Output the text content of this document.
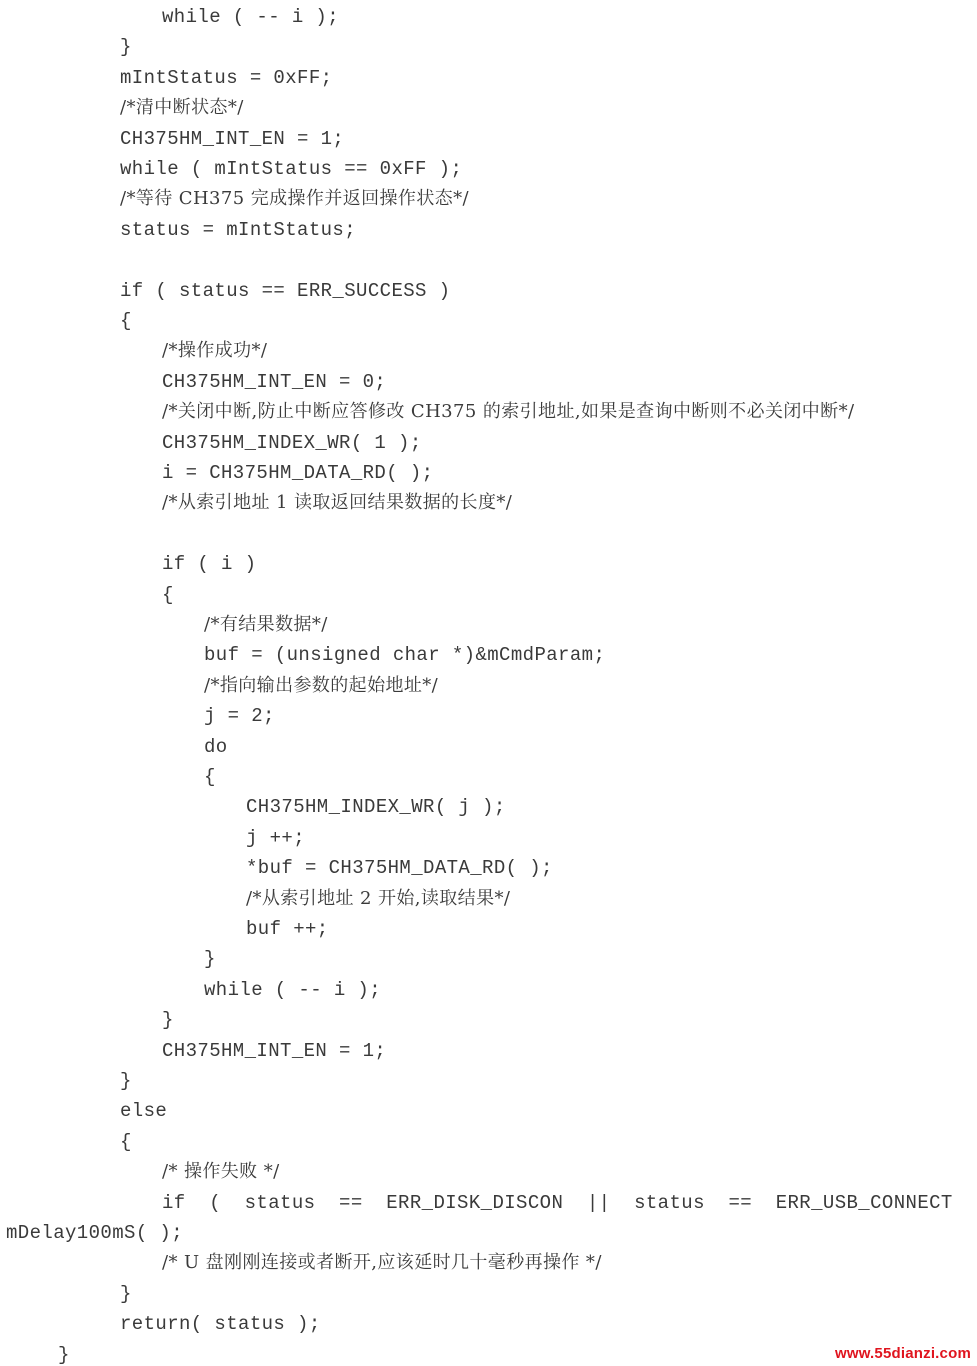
while ( -- i );
}
mIntStatus = 0xFF;
/*清中断状态*/
CH375HM_INT_EN = 1;
while ( mIntStatus == 0xFF );
/*等待 CH375 完成操作并返回操作状态*/
status = mIntStatus;
if ( status == ERR_SUCCESS )
{
/*操作成功*/
CH375HM_INT_EN = 0;
/*关闭中断,防止中断应答修改 CH375 的索引地址,如果是查询中断则不必关闭中断*/
CH375HM_INDEX_WR( 1 );
i = CH375HM_DATA_RD( );
/*从索引地址 1 读取返回结果数据的长度*/
if ( i )
{
/*有结果数据*/
buf = (unsigned char *)&mCmdParam;
/*指向输出参数的起始地址*/
j = 2;
do
{
CH375HM_INDEX_WR( j );
j ++;
*buf = CH375HM_DATA_RD( );
/*从索引地址 2 开始,读取结果*/
buf ++;
}
while ( -- i );
}
CH375HM_INT_EN = 1;
}
else
{
/* 操作失败 */
if  (  status  ==  ERR_DISK_DISCON  ||  status  ==  ERR_USB_CONNECT
mDelay100mS( );
/* U 盘刚刚连接或者断开,应该延时几十毫秒再操作 */
}
return( status );
}	www.55dianzi.com
